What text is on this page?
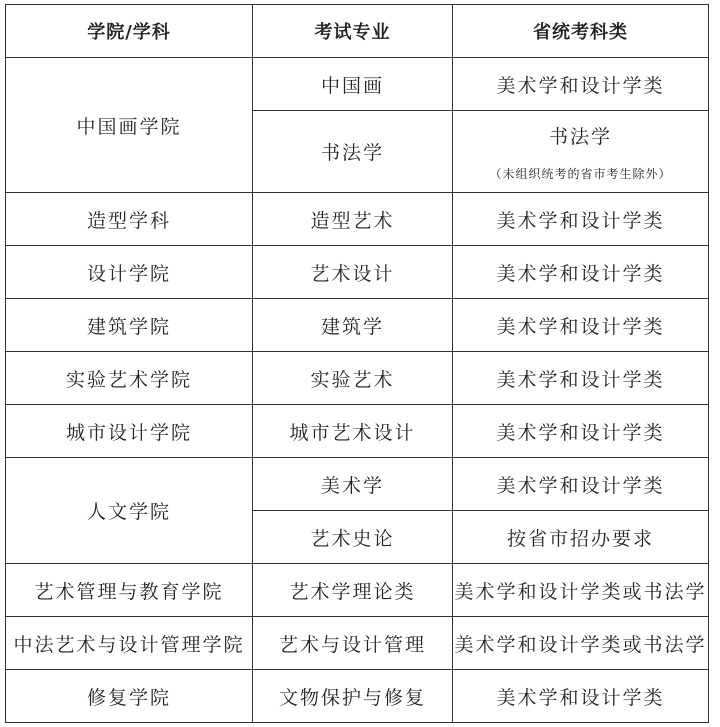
学院/学科	考试专业	省统考科类
中国画学院	中国画	美术学和设计学类
	书法学	书法学
（未组织统考的省市考生除外）

造型学科	造型艺术	美术学和设计学类
设计学院	艺术设计	美术学和设计学类
建筑学院	建筑学	美术学和设计学类
实验艺术学院	实验艺术	美术学和设计学类
城市设计学院	城市艺术设计	美术学和设计学类
人文学院	美术学	美术学和设计学类
	艺术史论	按省市招办要求
艺术管理与教育学院	艺术学理论类	美术学和设计学类或书法学
中法艺术与设计管理学院	艺术与设计管理	美术学和设计学类或书法学
修复学院	文物保护与修复	美术学和设计学类
